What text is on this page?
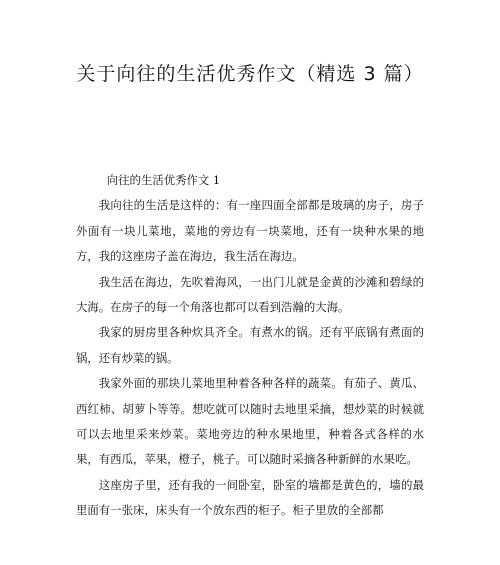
关于向往的生活优秀作文（精选 3 篇）

向往的生活优秀作文 1

我向往的生活是这样的：有一座四面全部都是玻璃的房子，房子外面有一块儿菜地，菜地的旁边有一块菜地，还有一块种水果的地方，我的这座房子盖在海边，我生活在海边。

我生活在海边，先吹着海风，一出门儿就是金黄的沙滩和碧绿的大海。在房子的每一个角落也都可以看到浩瀚的大海。

我家的厨房里各种炊具齐全。有煮水的锅。还有平底锅有煮面的锅，还有炒菜的锅。

我家外面的那块儿菜地里种着各种各样的蔬菜。有茄子、黄瓜、西红柿、胡萝卜等等。想吃就可以随时去地里采摘，想炒菜的时候就可以去地里采来炒菜。菜地旁边的种水果地里，种着各式各样的水果，有西瓜，苹果，橙子，桃子。可以随时采摘各种新鲜的水果吃。

这座房子里，还有我的一间卧室，卧室的墙都是黄色的，墙的最里面有一张床，床头有一个放东西的柜子。柜子里放的全部都
